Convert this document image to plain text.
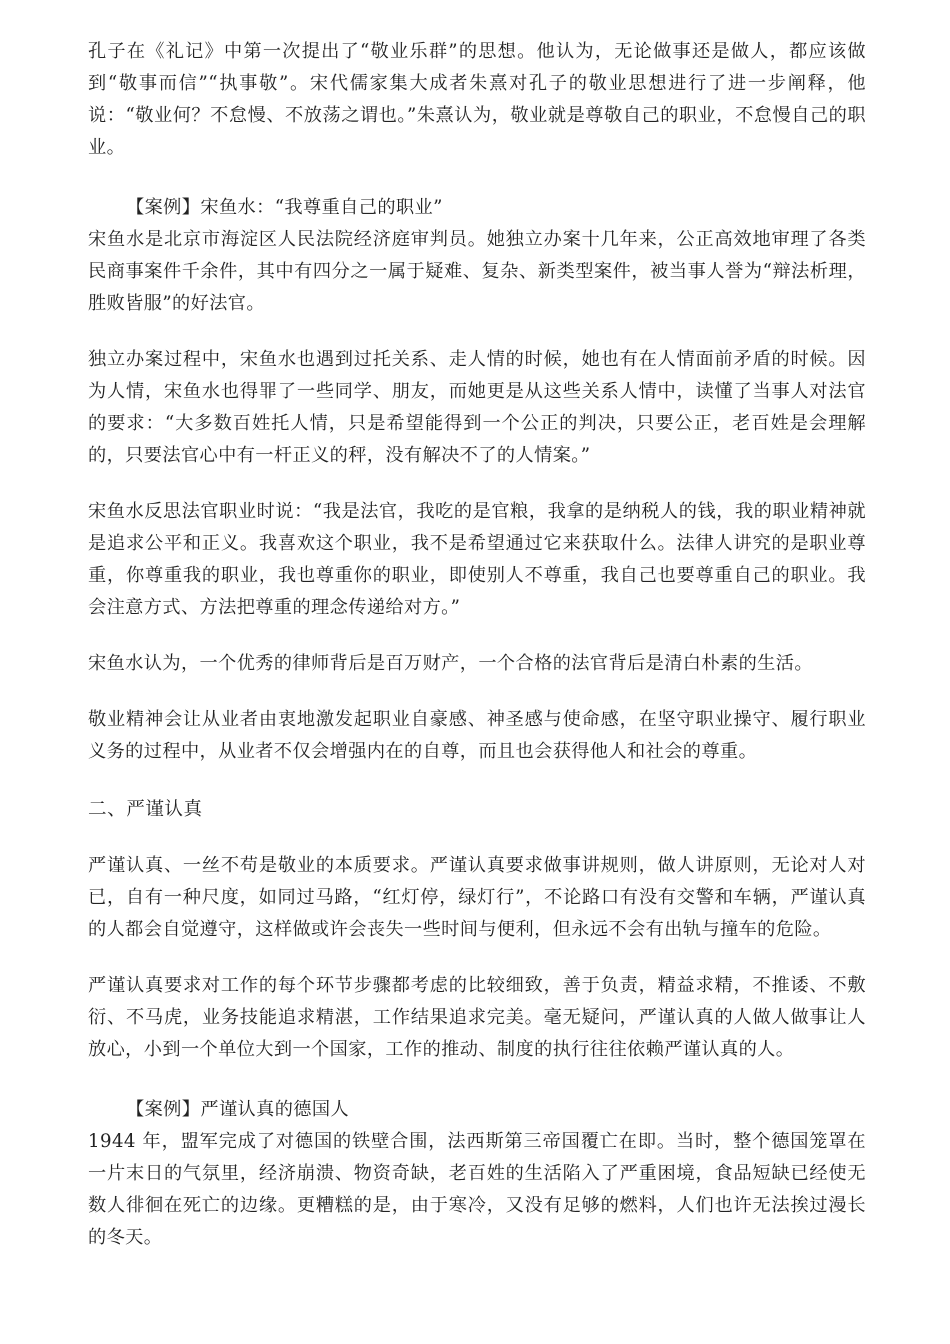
孔子在《礼记》中第一次提出了“敬业乐群”的思想。他认为，无论做事还是做人，都应该做到“敬事而信”“执事敬”。宋代儒家集大成者朱熹对孔子的敬业思想进行了进一步阐释，他说：“敬业何？不怠慢、不放荡之谓也。”朱熹认为，敬业就是尊敬自己的职业，不怠慢自己的职业。

【案例】宋鱼水：“我尊重自己的职业”

宋鱼水是北京市海淀区人民法院经济庭审判员。她独立办案十几年来，公正高效地审理了各类民商事案件千余件，其中有四分之一属于疑难、复杂、新类型案件，被当事人誉为“辩法析理，胜败皆服”的好法官。

独立办案过程中，宋鱼水也遇到过托关系、走人情的时候，她也有在人情面前矛盾的时候。因为人情，宋鱼水也得罪了一些同学、朋友，而她更是从这些关系人情中，读懂了当事人对法官的要求：“大多数百姓托人情，只是希望能得到一个公正的判决，只要公正，老百姓是会理解的，只要法官心中有一杆正义的秤，没有解决不了的人情案。”

宋鱼水反思法官职业时说：“我是法官，我吃的是官粮，我拿的是纳税人的钱，我的职业精神就是追求公平和正义。我喜欢这个职业，我不是希望通过它来获取什么。法律人讲究的是职业尊重，你尊重我的职业，我也尊重你的职业，即使别人不尊重，我自己也要尊重自己的职业。我会注意方式、方法把尊重的理念传递给对方。”

宋鱼水认为，一个优秀的律师背后是百万财产，一个合格的法官背后是清白朴素的生活。

敬业精神会让从业者由衷地激发起职业自豪感、神圣感与使命感，在坚守职业操守、履行职业义务的过程中，从业者不仅会增强内在的自尊，而且也会获得他人和社会的尊重。

二、严谨认真

严谨认真、一丝不苟是敬业的本质要求。严谨认真要求做事讲规则，做人讲原则，无论对人对已，自有一种尺度，如同过马路，“红灯停，绿灯行”，不论路口有没有交警和车辆，严谨认真的人都会自觉遵守，这样做或许会丧失一些时间与便利，但永远不会有出轨与撞车的危险。

严谨认真要求对工作的每个环节步骤都考虑的比较细致，善于负责，精益求精，不推诿、不敷衍、不马虎，业务技能追求精湛，工作结果追求完美。毫无疑问，严谨认真的人做人做事让人放心，小到一个单位大到一个国家，工作的推动、制度的执行往往依赖严谨认真的人。

【案例】严谨认真的德国人

1944 年，盟军完成了对德国的铁壁合围，法西斯第三帝国覆亡在即。当时，整个德国笼罩在一片末日的气氛里，经济崩溃、物资奇缺，老百姓的生活陷入了严重困境，食品短缺已经使无数人徘徊在死亡的边缘。更糟糕的是，由于寒冷，又没有足够的燃料，人们也许无法挨过漫长的冬天。
